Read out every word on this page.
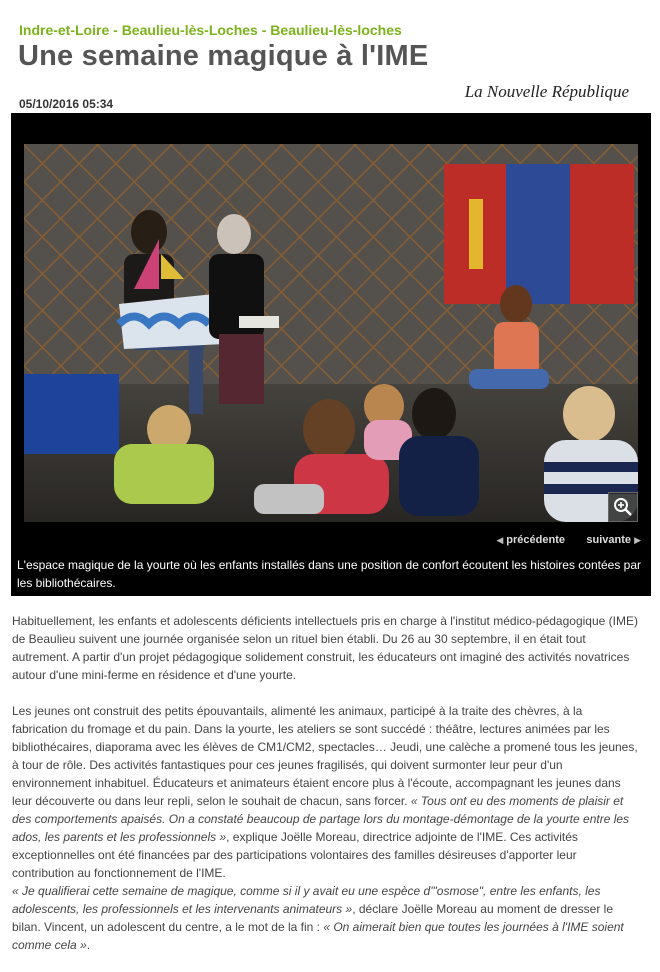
Indre-et-Loire - Beaulieu-lès-Loches - Beaulieu-lès-loches
Une semaine magique à l'IME
La Nouvelle République
05/10/2016 05:34
◀ précédente suivante ▶
L'espace magique de la yourte où les enfants installés dans une position de confort écoutent les histoires contées par les bibliothécaires.

Habituellement, les enfants et adolescents déficients intellectuels pris en charge à l'institut médico-pédagogique (IME) de Beaulieu suivent une journée organisée selon un rituel bien établi. Du 26 au 30 septembre, il en était tout autrement. A partir d'un projet pédagogique solidement construit, les éducateurs ont imaginé des activités novatrices autour d'une mini-ferme en résidence et d'une yourte.

Les jeunes ont construit des petits épouvantails, alimenté les animaux, participé à la traite des chèvres, à la fabrication du fromage et du pain. Dans la yourte, les ateliers se sont succédé : théâtre, lectures animées par les bibliothécaires, diaporama avec les élèves de CM1/CM2, spectacles… Jeudi, une calèche a promené tous les jeunes, à tour de rôle. Des activités fantastiques pour ces jeunes fragilisés, qui doivent surmonter leur peur d'un environnement inhabituel. Éducateurs et animateurs étaient encore plus à l'écoute, accompagnant les jeunes dans leur découverte ou dans leur repli, selon le souhait de chacun, sans forcer. « Tous ont eu des moments de plaisir et des comportements apaisés. On a constaté beaucoup de partage lors du montage-démontage de la yourte entre les ados, les parents et les professionnels », explique Joëlle Moreau, directrice adjointe de l'IME. Ces activités exceptionnelles ont été financées par des participations volontaires des familles désireuses d'apporter leur contribution au fonctionnement de l'IME.
« Je qualifierai cette semaine de magique, comme si il y avait eu une espèce d'"osmose", entre les enfants, les adolescents, les professionnels et les intervenants animateurs », déclare Joëlle Moreau au moment de dresser le bilan. Vincent, un adolescent du centre, a le mot de la fin : « On aimerait bien que toutes les journées à l'IME soient comme cela ».
